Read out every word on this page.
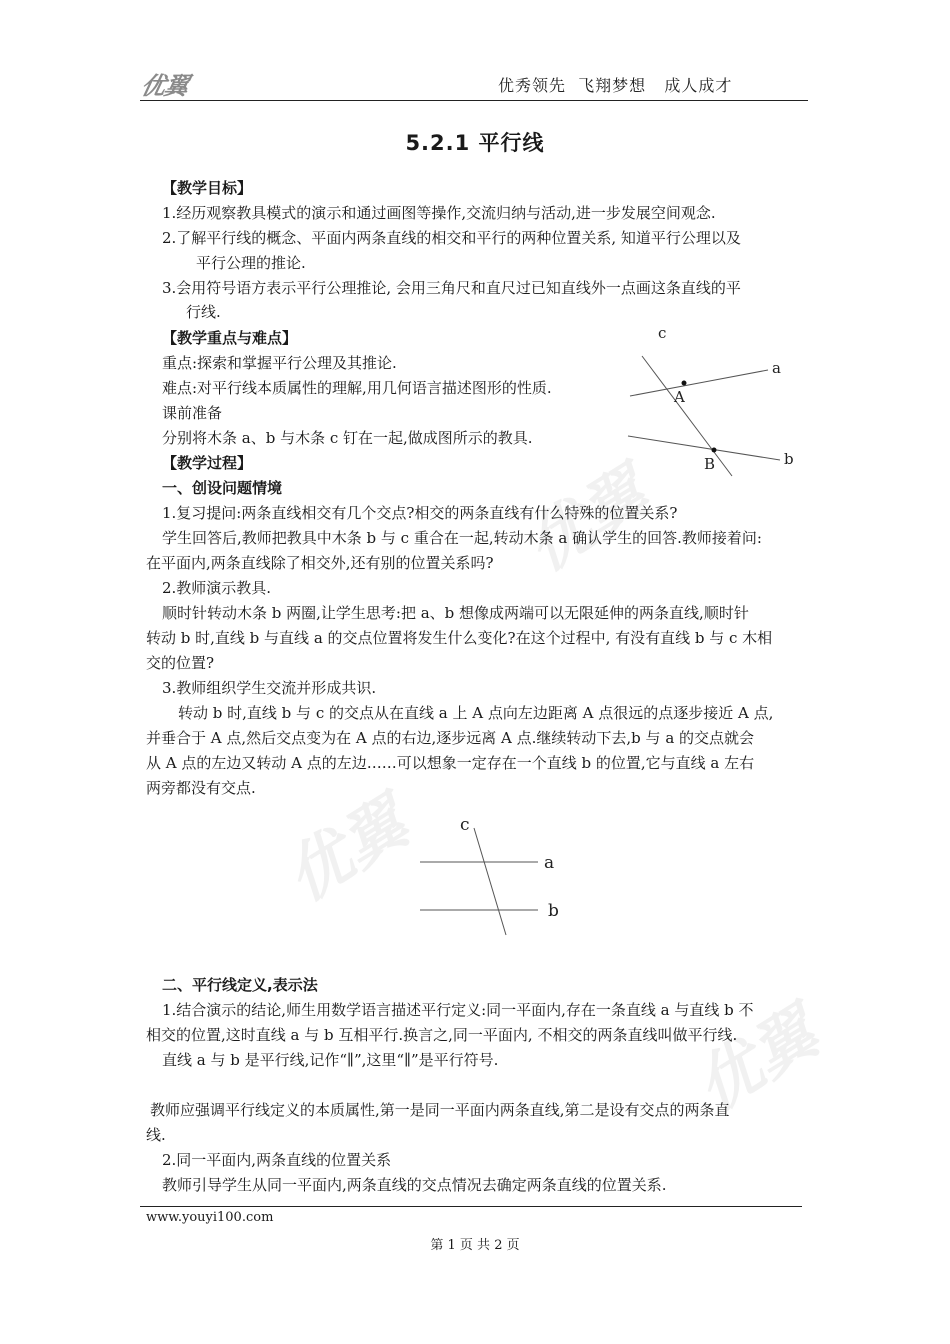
优翼	优秀领先  飞翔梦想   成人成才
优翼
优翼
优翼
5.2.1 平行线
【教学目标】
1.经历观察教具模式的演示和通过画图等操作,交流归纳与活动,进一步发展空间观念.
2.了解平行线的概念、平面内两条直线的相交和平行的两种位置关系, 知道平行公理以及
平行公理的推论.
3.会用符号语方表示平行公理推论, 会用三角尺和直尺过已知直线外一点画这条直线的平
行线.
【教学重点与难点】
重点:探索和掌握平行公理及其推论.
难点:对平行线本质属性的理解,用几何语言描述图形的性质.
课前准备
分别将木条 a、b 与木条 c 钉在一起,做成图所示的教具.
【教学过程】
一、创设问题情境
1.复习提问:两条直线相交有几个交点?相交的两条直线有什么特殊的位置关系?
学生回答后,教师把教具中木条 b 与 c 重合在一起,转动木条 a 确认学生的回答.教师接着问:
在平面内,两条直线除了相交外,还有别的位置关系吗?
2.教师演示教具.
顺时针转动木条 b 两圈,让学生思考:把 a、b 想像成两端可以无限延伸的两条直线,顺时针
转动 b 时,直线 b 与直线 a 的交点位置将发生什么变化?在这个过程中, 有没有直线 b 与 c 木相
交的位置?
3.教师组织学生交流并形成共识.
转动 b 时,直线 b 与 c 的交点从在直线 a 上 A 点向左边距离 A 点很远的点逐步接近 A 点,
并垂合于 A 点,然后交点变为在 A 点的右边,逐步远离 A 点.继续转动下去,b 与 a 的交点就会
从 A 点的左边又转动 A 点的左边……可以想象一定存在一个直线 b 的位置,它与直线 a 左右
两旁都没有交点.
二、平行线定义,表示法
1.结合演示的结论,师生用数学语言描述平行定义:同一平面内,存在一条直线 a 与直线 b 不
相交的位置,这时直线 a 与 b 互相平行.换言之,同一平面内, 不相交的两条直线叫做平行线.
直线 a 与 b 是平行线,记作“∥”,这里“∥”是平行符号.
教师应强调平行线定义的本质属性,第一是同一平面内两条直线,第二是设有交点的两条直
线.
2.同一平面内,两条直线的位置关系
教师引导学生从同一平面内,两条直线的交点情况去确定两条直线的位置关系.
c
a
A
B	b
c
a
b
www.youyi100.com
第 1 页 共 2 页
